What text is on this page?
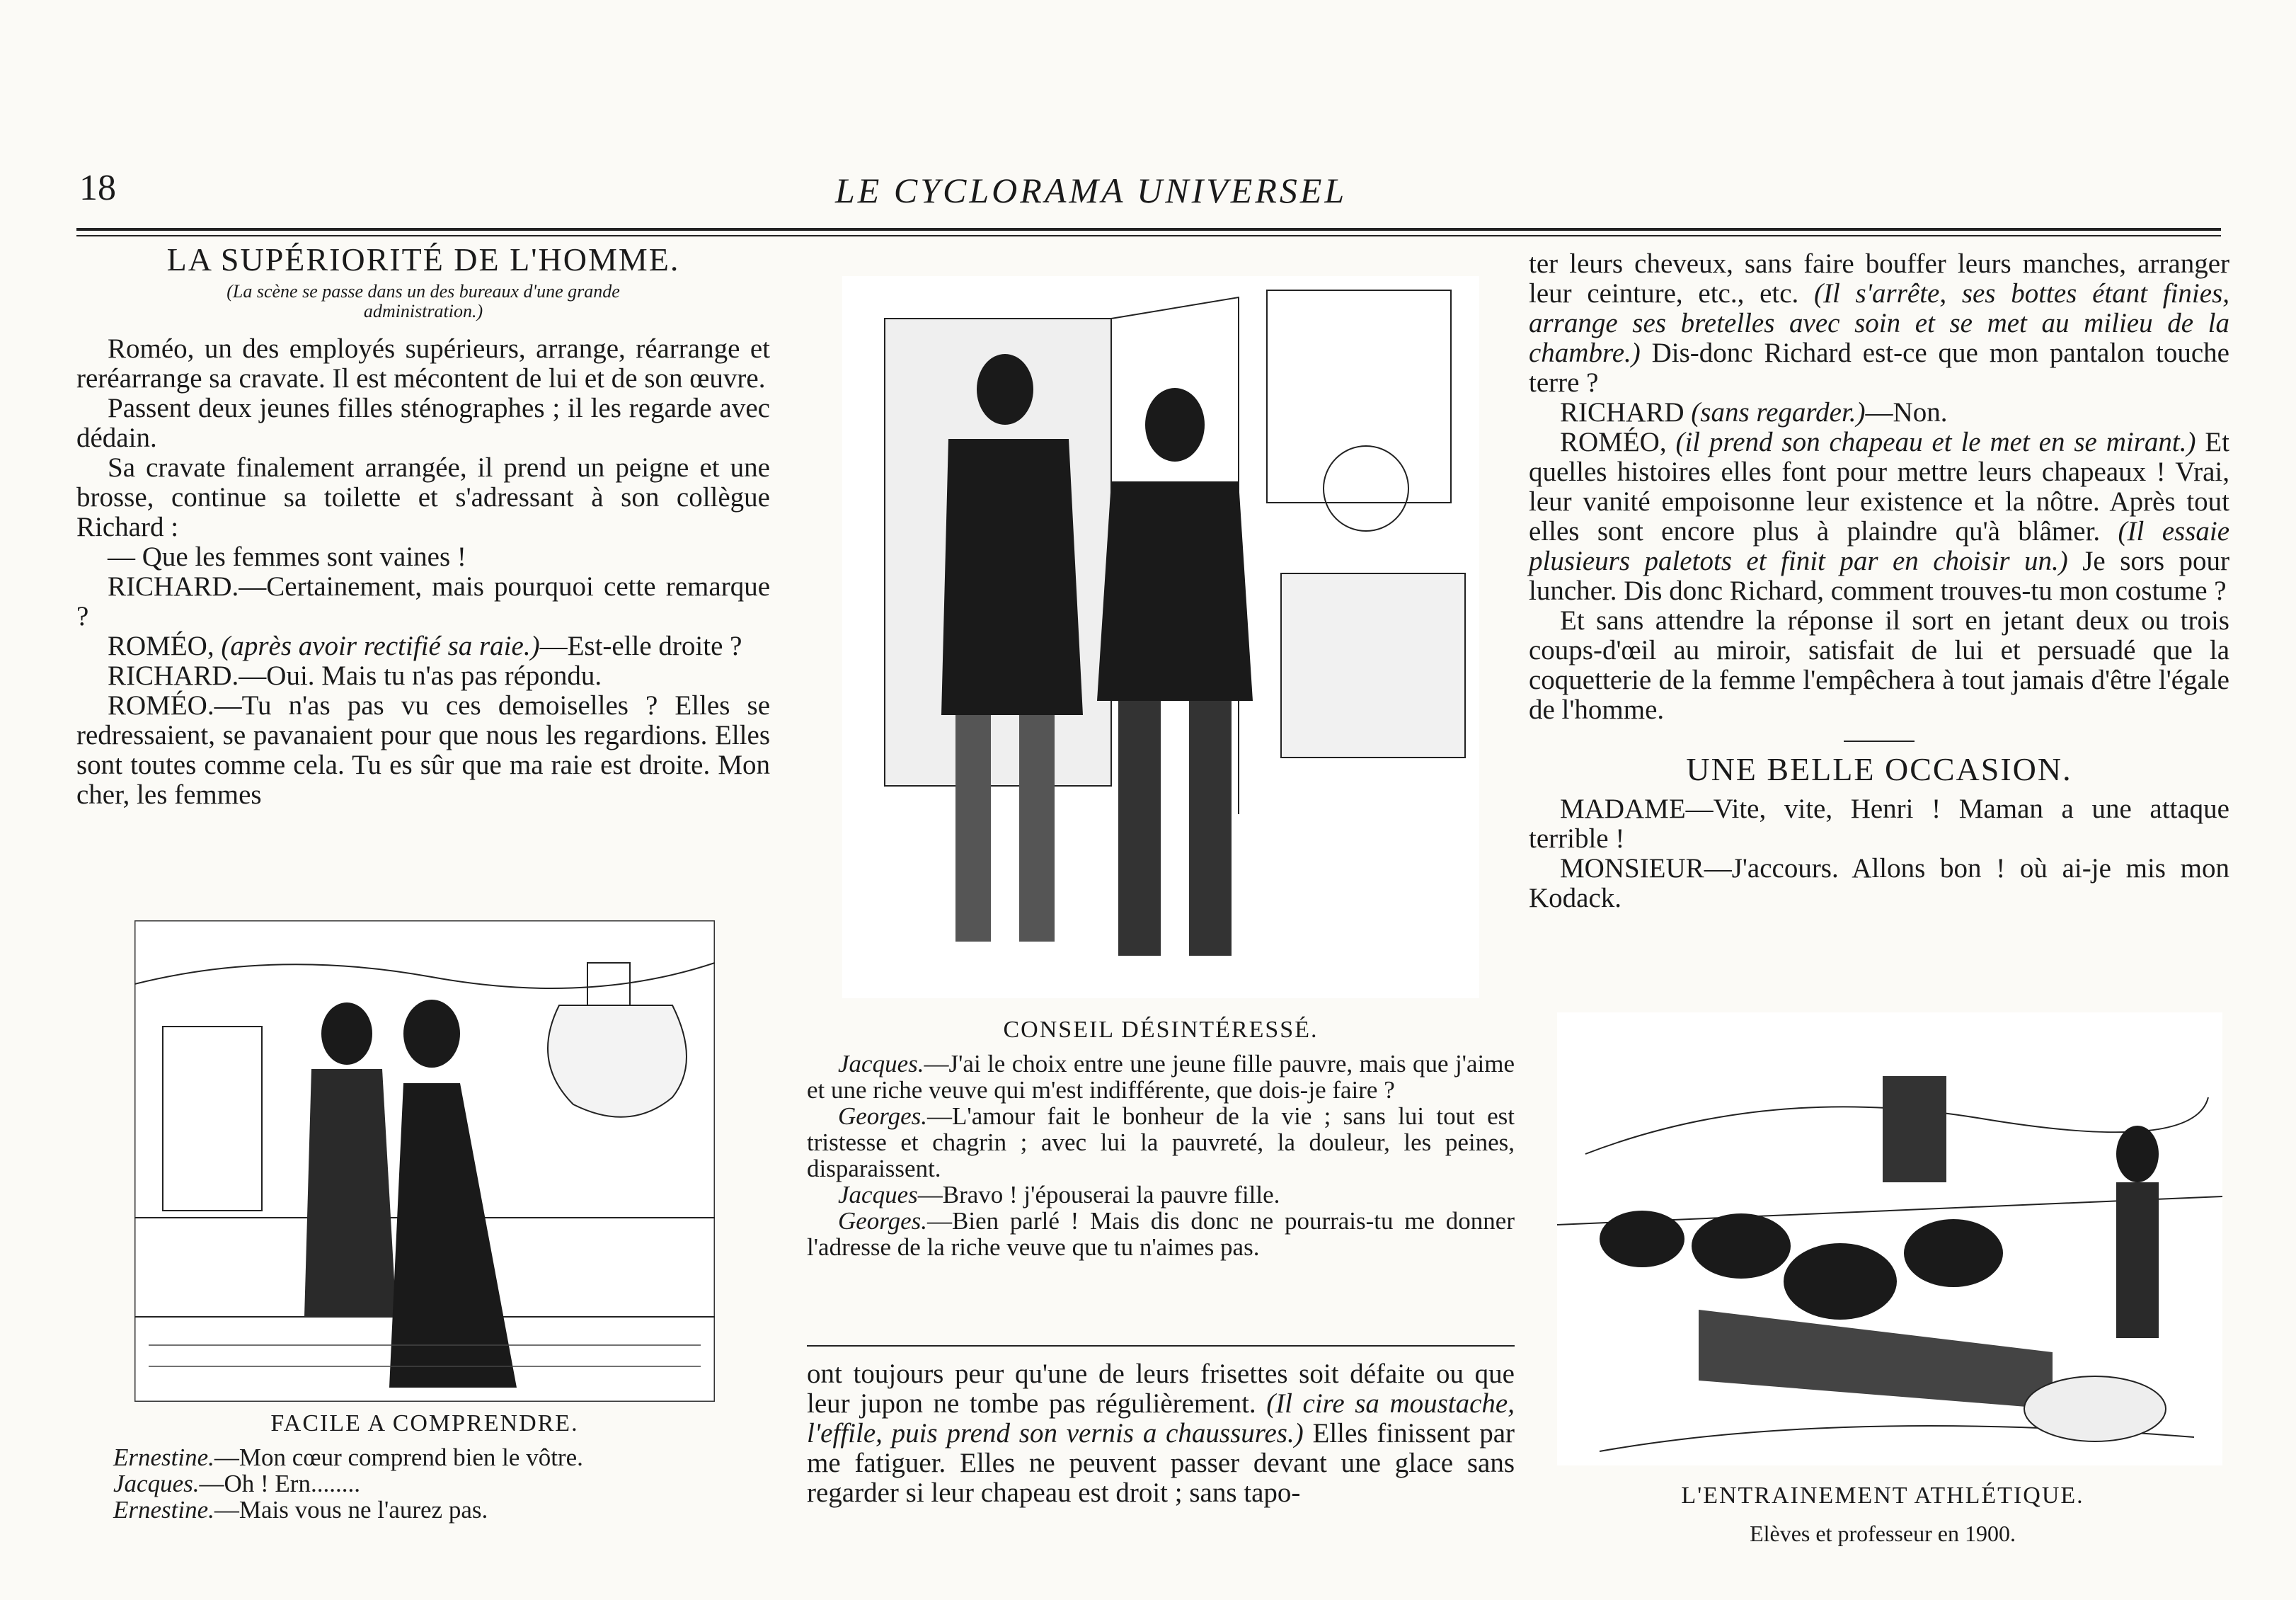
18	LE CYCLORAMA UNIVERSEL
LA SUPÉRIORITÉ DE L'HOMME.
(La scène se passe dans un des bureaux d'une grande
administration.)

Roméo, un des employés supérieurs, arrange, réarrange et reréarrange sa cravate. Il est mécontent de lui et de son œuvre.

Passent deux jeunes filles sténographes ; il les regarde avec dédain.

Sa cravate finalement arrangée, il prend un peigne et une brosse, continue sa toilette et s'adressant à son collègue Richard :

— Que les femmes sont vaines !

RICHARD.—Certainement, mais pourquoi cette remarque ?

ROMÉO, (après avoir rectifié sa raie.)—Est-elle droite ?

RICHARD.—Oui. Mais tu n'as pas répondu.

ROMÉO.—Tu n'as pas vu ces demoiselles ? Elles se redressaient, se pavanaient pour que nous les regardions. Elles sont toutes comme cela. Tu es sûr que ma raie est droite. Mon cher, les femmes

FACILE A COMPRENDRE.

Ernestine.—Mon cœur comprend bien le vôtre.

Jacques.—Oh ! Ern........

Ernestine.—Mais vous ne l'aurez pas.

CONSEIL DÉSINTÉRESSÉ.

Jacques.—J'ai le choix entre une jeune fille pauvre, mais que j'aime et une riche veuve qui m'est indifférente, que dois-je faire ?

Georges.—L'amour fait le bonheur de la vie ; sans lui tout est tristesse et chagrin ; avec lui la pauvreté, la douleur, les peines, disparaissent.

Jacques—Bravo ! j'épouserai la pauvre fille.

Georges.—Bien parlé ! Mais dis donc ne pourrais-tu me donner l'adresse de la riche veuve que tu n'aimes pas.

ont toujours peur qu'une de leurs frisettes soit défaite ou que leur jupon ne tombe pas régulièrement. (Il cire sa moustache, l'effile, puis prend son vernis a chaussures.) Elles finissent par me fatiguer. Elles ne peuvent passer devant une glace sans regarder si leur chapeau est droit ; sans tapo-

ter leurs cheveux, sans faire bouffer leurs manches, arranger leur ceinture, etc., etc. (Il s'arrête, ses bottes étant finies, arrange ses bretelles avec soin et se met au milieu de la chambre.) Dis-donc Richard est-ce que mon pantalon touche terre ?

RICHARD (sans regarder.)—Non.

ROMÉO, (il prend son chapeau et le met en se mirant.) Et quelles histoires elles font pour mettre leurs chapeaux ! Vrai, leur vanité empoisonne leur existence et la nôtre. Après tout elles sont encore plus à plaindre qu'à blâmer. (Il essaie plusieurs paletots et finit par en choisir un.) Je sors pour luncher. Dis donc Richard, comment trouves-tu mon costume ?

Et sans attendre la réponse il sort en jetant deux ou trois coups-d'œil au miroir, satisfait de lui et persuadé que la coquetterie de la femme l'empêchera à tout jamais d'être l'égale de l'homme.

UNE BELLE OCCASION.

MADAME—Vite, vite, Henri ! Maman a une attaque terrible !

MONSIEUR—J'accours. Allons bon ! où ai-je mis mon Kodack.

L'ENTRAINEMENT ATHLÉTIQUE.
Elèves et professeur en 1900.
